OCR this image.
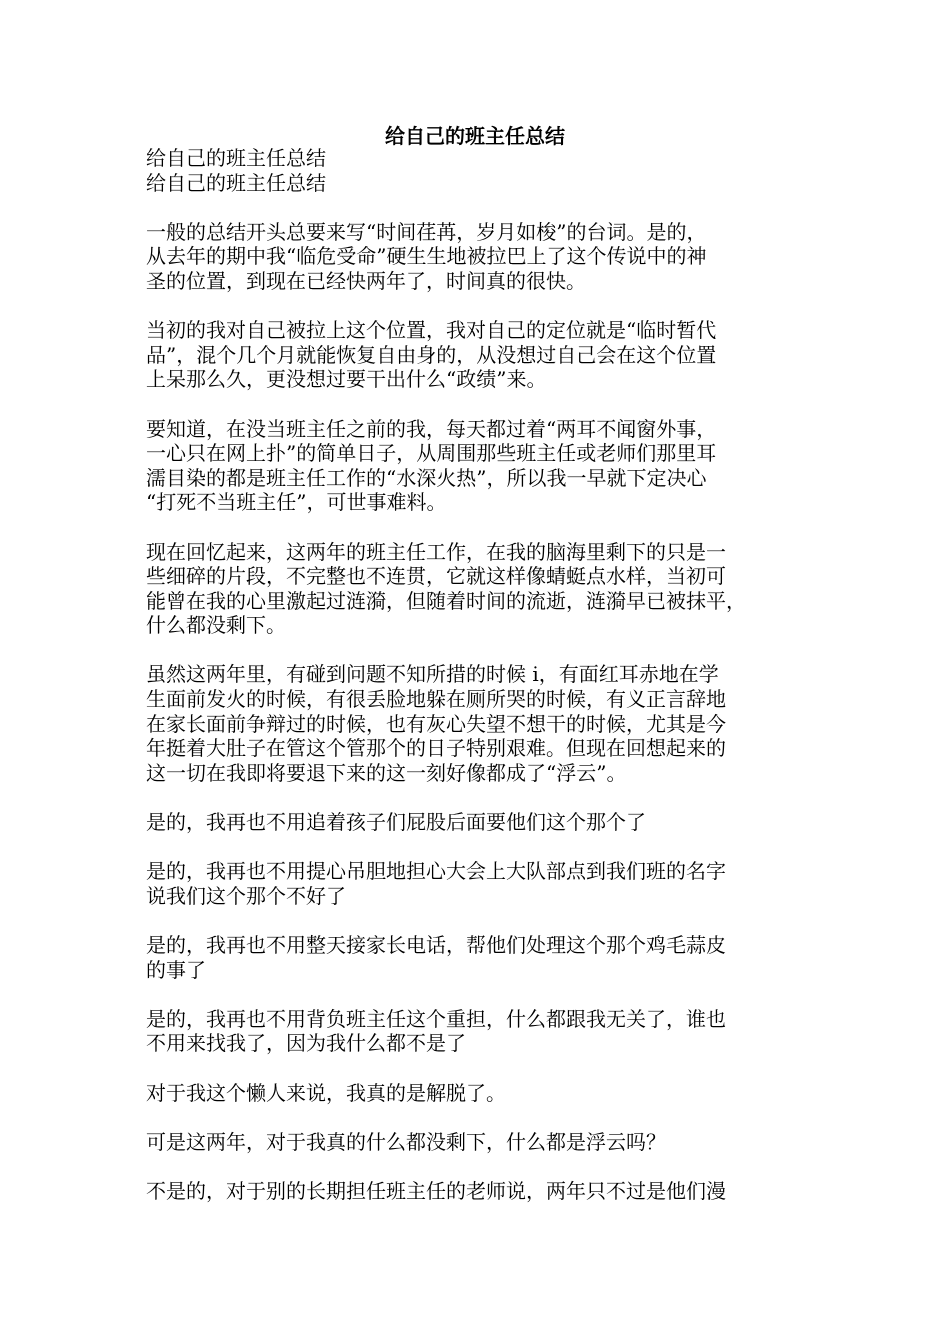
给自己的班主任总结
给自己的班主任总结
给自己的班主任总结
一般的总结开头总要来写“时间荏苒，岁月如梭”的台词。是的，
从去年的期中我“临危受命”硬生生地被拉巴上了这个传说中的神
圣的位置，到现在已经快两年了，时间真的很快。
当初的我对自己被拉上这个位置，我对自己的定位就是“临时暂代
品”，混个几个月就能恢复自由身的，从没想过自己会在这个位置
上呆那么久，更没想过要干出什么“政绩”来。
要知道，在没当班主任之前的我，每天都过着“两耳不闻窗外事，
一心只在网上扑”的简单日子，从周围那些班主任或老师们那里耳
濡目染的都是班主任工作的“水深火热”，所以我一早就下定决心
“打死不当班主任”，可世事难料。
现在回忆起来，这两年的班主任工作，在我的脑海里剩下的只是一
些细碎的片段，不完整也不连贯，它就这样像蜻蜓点水样，当初可
能曾在我的心里激起过涟漪，但随着时间的流逝，涟漪早已被抹平，
什么都没剩下。
虽然这两年里，有碰到问题不知所措的时候 i，有面红耳赤地在学
生面前发火的时候，有很丢脸地躲在厕所哭的时候，有义正言辞地
在家长面前争辩过的时候，也有灰心失望不想干的时候，尤其是今
年挺着大肚子在管这个管那个的日子特别艰难。但现在回想起来的
这一切在我即将要退下来的这一刻好像都成了“浮云”。
是的，我再也不用追着孩子们屁股后面要他们这个那个了
是的，我再也不用提心吊胆地担心大会上大队部点到我们班的名字
说我们这个那个不好了
是的，我再也不用整天接家长电话，帮他们处理这个那个鸡毛蒜皮
的事了
是的，我再也不用背负班主任这个重担，什么都跟我无关了，谁也
不用来找我了，因为我什么都不是了
对于我这个懒人来说，我真的是解脱了。
可是这两年，对于我真的什么都没剩下，什么都是浮云吗？
不是的，对于别的长期担任班主任的老师说，两年只不过是他们漫
